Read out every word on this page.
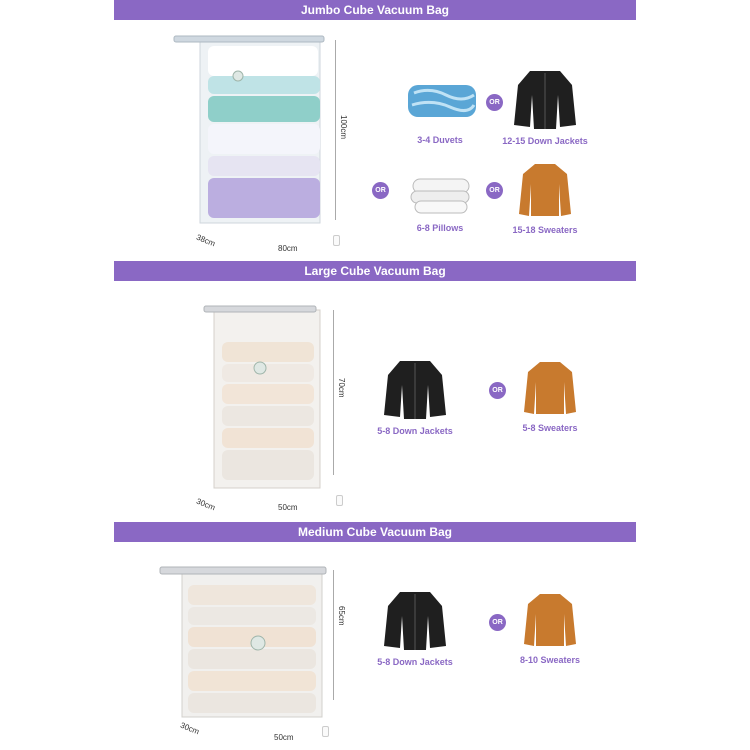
Jumbo Cube Vacuum Bag
100cm
38cm
80cm
3-4 Duvets
OR
12-15 Down Jackets
OR
6-8 Pillows
OR
15-18 Sweaters
Large Cube Vacuum Bag
70cm
30cm	50cm
5-8 Down Jackets
OR
5-8 Sweaters
Medium Cube Vacuum Bag
65cm
30cm
50cm
5-8 Down Jackets
OR
8-10 Sweaters
